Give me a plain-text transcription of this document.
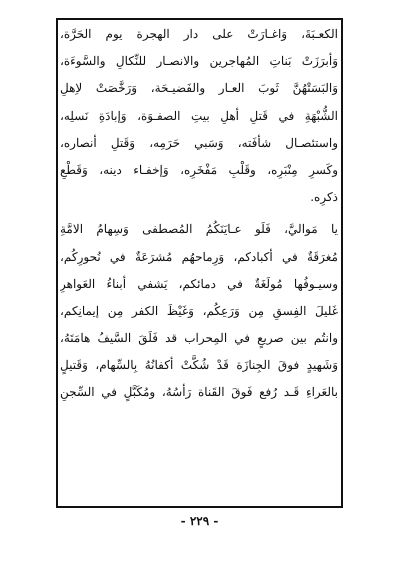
الكعـبَةَ، وَاغـارَتْ على دار الهجرة يوم الحَرَّة،
وَأبرَزَتْ بَناتِ المُهاجرين والانصـار للنِّكالِ والسَّوءَة،
وَالبَسَتْهُنَّ ثَوبَ العـار والفَضيـحَة، وَرَخَّصَتْ لاِهلِ
الشُّبْهَةِ في قَتلِ أهلِ بيتِ الصفـوَة، وَإبادَةِ نَسلِه،
واستئصـال شأفَته، وَسَبي حَرَمِه، وَقَتلِ أنصاره،
وكَسرِ مِنْبَرِه، وقَلْبِ مَفْخَرِه، وَإخفـاء دينه، وَقَطْعِ
ذكرِه.
يا مَواليَّ، فَلَو عـايَنَكُمُ المُصطفى وَسِهامُ الامَّةِ
مُغرَقَةٌ في أكبادكم، وَرِماحهُم مُشرَعَةٌ في نُحورِكُم،
وسيـوفُها مُولَغَةٌ في دمائكم، يَشفي أبناءُ العَواهرِ
غَليلَ الفِسقِ مِن وَرَعِكُم، وَغَيْظَ الكفر مِن إيمانِكم،
وانتُم بين صريعٍ في المِحراب قد فَلَقَ السَّيفُ هامَتَهُ،
وَشَهيدٍ فوقَ الجِنازَة قَدْ شُكَّتْ أكفانُهُ بِالسِّهام، وَقَتيلٍ
بالعَراءِ قَـد رُفع فَوقَ القَناة رَأسُهُ، ومُكَبَّلٍ في السِّجنِ
- ٢٢٩ -
